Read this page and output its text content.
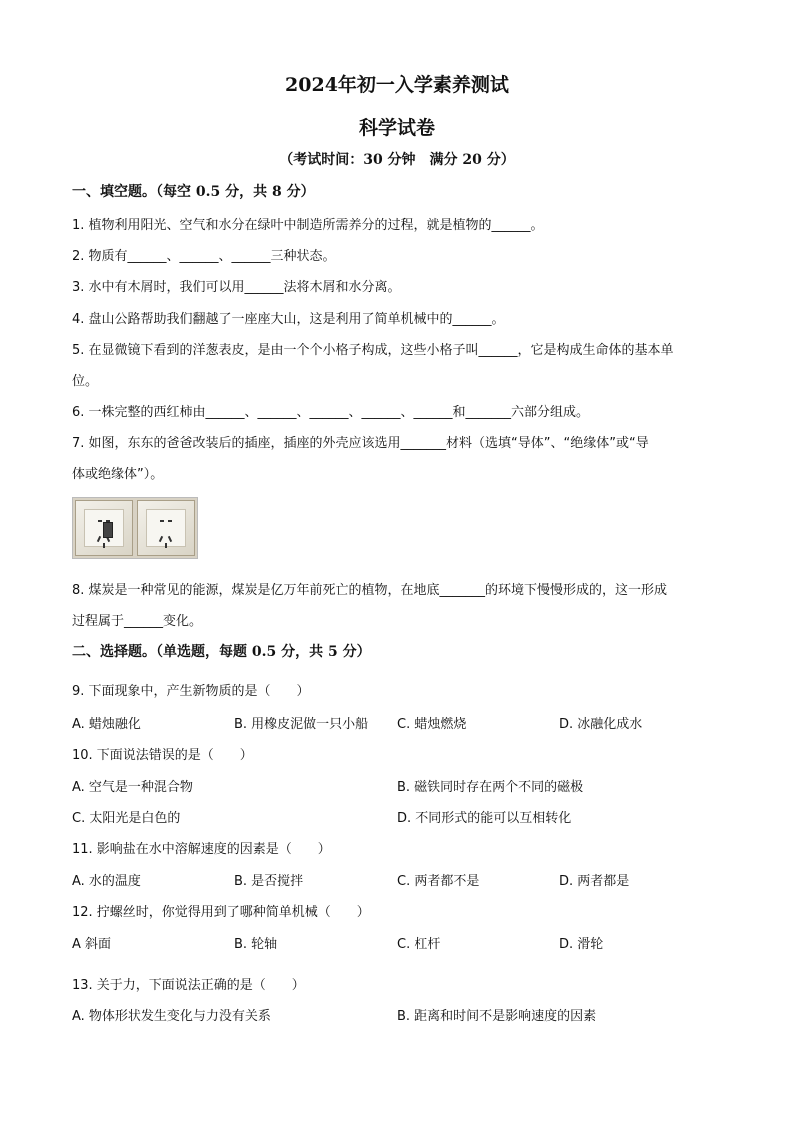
2024年初一入学素养测试
科学试卷
（考试时间：30 分钟　满分 20 分）
一、填空题。（每空 0.5 分，共 8 分）
1. 植物利用阳光、空气和水分在绿叶中制造所需养分的过程，就是植物的______。
2. 物质有______、______、______三种状态。
3. 水中有木屑时，我们可以用______法将木屑和水分离。
4. 盘山公路帮助我们翻越了一座座大山，这是利用了简单机械中的______。
5. 在显微镜下看到的洋葱表皮，是由一个个小格子构成，这些小格子叫______，它是构成生命体的基本单
位。
6. 一株完整的西红柿由______、______、______、______、______和_______六部分组成。
7. 如图，东东的爸爸改装后的插座，插座的外壳应该选用_______材料（选填“导体”、“绝缘体”或“导
体或绝缘体”）。
8. 煤炭是一种常见的能源，煤炭是亿万年前死亡的植物，在地底_______的环境下慢慢形成的，这一形成
过程属于______变化。
二、选择题。（单选题，每题 0.5 分，共 5 分）
9. 下面现象中，产生新物质的是（　　）
A. 蜡烛融化	B. 用橡皮泥做一只小船 C. 蜡烛燃烧	D. 冰融化成水
10. 下面说法错误的是（　　）
A. 空气是一种混合物	B. 磁铁同时存在两个不同的磁极
C. 太阳光是白色的	D. 不同形式的能可以互相转化
11. 影响盐在水中溶解速度的因素是（　　）
A. 水的温度	B. 是否搅拌	C. 两者都不是	D. 两者都是
12. 拧螺丝时，你觉得用到了哪种简单机械（　　）
A 斜面	B. 轮轴	C. 杠杆	D. 滑轮
13. 关于力，下面说法正确的是（　　）
A. 物体形状发生变化与力没有关系	B. 距离和时间不是影响速度的因素
